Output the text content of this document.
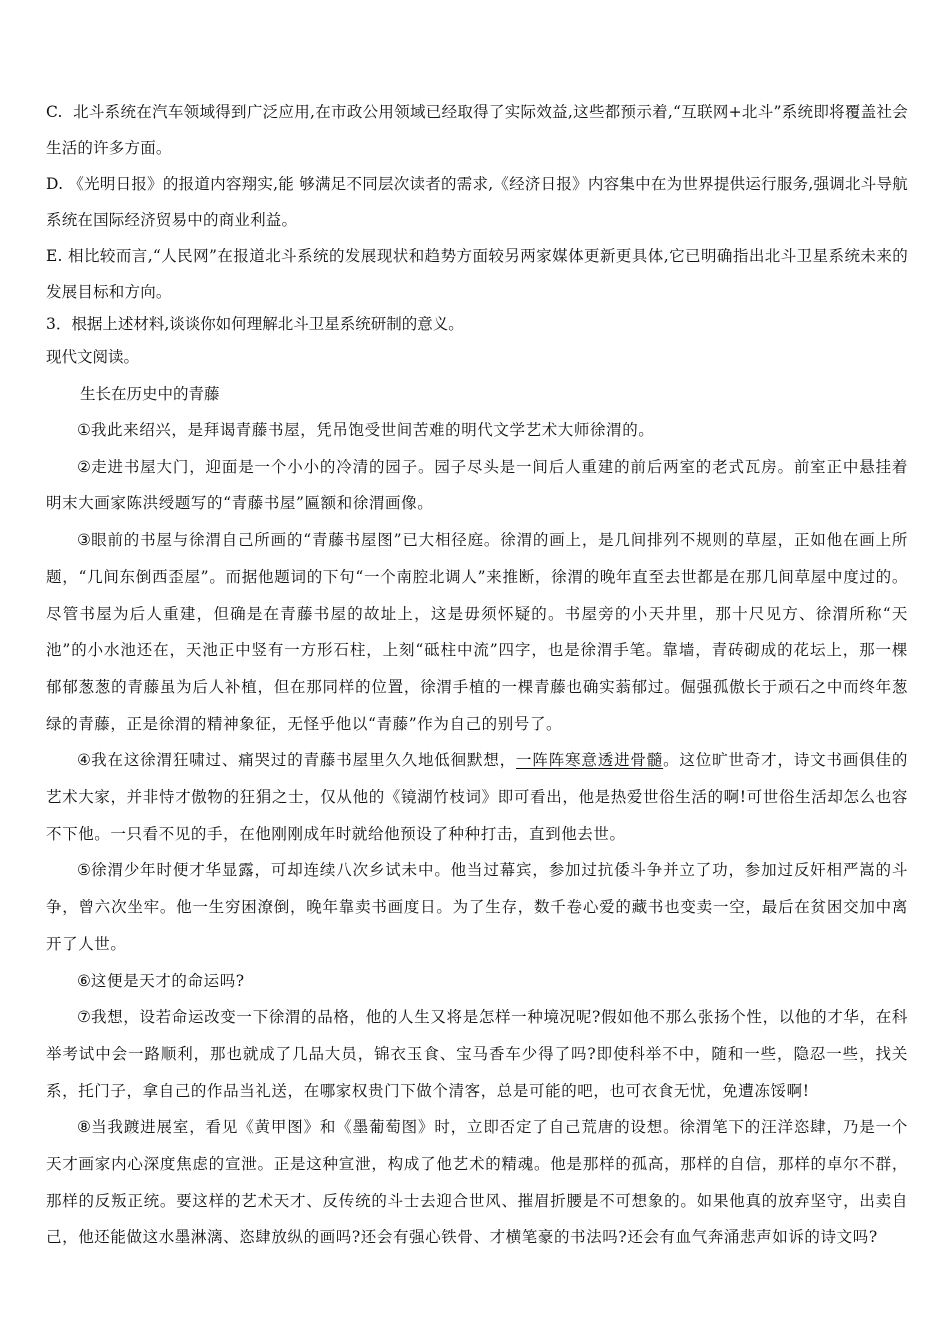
C. 北斗系统在汽车领域得到广泛应用,在市政公用领域已经取得了实际效益,这些都预示着,“互联网+北斗”系统即将覆盖社会生活的许多方面。

D. 《光明日报》的报道内容翔实,能 够满足不同层次读者的需求,《经济日报》内容集中在为世界提供运行服务,强调北斗导航系统在国际经济贸易中的商业利益。

E. 相比较而言,“人民网”在报道北斗系统的发展现状和趋势方面较另两家媒体更新更具体,它已明确指出北斗卫星系统未来的发展目标和方向。

3．根据上述材料,谈谈你如何理解北斗卫星系统研制的意义。

现代文阅读。

生长在历史中的青藤

①我此来绍兴，是拜谒青藤书屋，凭吊饱受世间苦难的明代文学艺术大师徐渭的。

②走进书屋大门，迎面是一个小小的冷清的园子。园子尽头是一间后人重建的前后两室的老式瓦房。前室正中悬挂着明末大画家陈洪绶题写的“青藤书屋”匾额和徐渭画像。

③眼前的书屋与徐渭自己所画的“青藤书屋图”已大相径庭。徐渭的画上，是几间排列不规则的草屋，正如他在画上所题，“几间东倒西歪屋”。而据他题词的下句“一个南腔北调人”来推断，徐渭的晚年直至去世都是在那几间草屋中度过的。尽管书屋为后人重建，但确是在青藤书屋的故址上，这是毋须怀疑的。书屋旁的小天井里，那十尺见方、徐渭所称“天池”的小水池还在，天池正中竖有一方形石柱，上刻“砥柱中流”四字，也是徐渭手笔。靠墙，青砖砌成的花坛上，那一棵郁郁葱葱的青藤虽为后人补植，但在那同样的位置，徐渭手植的一棵青藤也确实蓊郁过。倔强孤傲长于顽石之中而终年葱绿的青藤，正是徐渭的精神象征，无怪乎他以“青藤”作为自己的别号了。

④我在这徐渭狂啸过、痛哭过的青藤书屋里久久地低徊默想，一阵阵寒意透进骨髓。这位旷世奇才，诗文书画俱佳的艺术大家，并非恃才傲物的狂狷之士，仅从他的《镜湖竹枝词》即可看出，他是热爱世俗生活的啊!可世俗生活却怎么也容不下他。一只看不见的手，在他刚刚成年时就给他预设了种种打击，直到他去世。

⑤徐渭少年时便才华显露，可却连续八次乡试未中。他当过幕宾，参加过抗倭斗争并立了功，参加过反奸相严嵩的斗争，曾六次坐牢。他一生穷困潦倒，晚年靠卖书画度日。为了生存，数千卷心爱的藏书也变卖一空，最后在贫困交加中离开了人世。

⑥这便是天才的命运吗?

⑦我想，设若命运改变一下徐渭的品格，他的人生又将是怎样一种境况呢?假如他不那么张扬个性，以他的才华，在科举考试中会一路顺利，那也就成了几品大员，锦衣玉食、宝马香车少得了吗?即使科举不中，随和一些，隐忍一些，找关系，托门子，拿自己的作品当礼送，在哪家权贵门下做个清客，总是可能的吧，也可衣食无忧，免遭冻馁啊!

⑧当我踱进展室，看见《黄甲图》和《墨葡萄图》时，立即否定了自己荒唐的设想。徐渭笔下的汪洋恣肆，乃是一个天才画家内心深度焦虑的宣泄。正是这种宣泄，构成了他艺术的精魂。他是那样的孤高，那样的自信，那样的卓尔不群，那样的反叛正统。要这样的艺术天才、反传统的斗士去迎合世风、摧眉折腰是不可想象的。如果他真的放弃坚守，出卖自己，他还能做这水墨淋漓、恣肆放纵的画吗?还会有强心铁骨、才横笔豪的书法吗?还会有血气奔涌悲声如诉的诗文吗?
